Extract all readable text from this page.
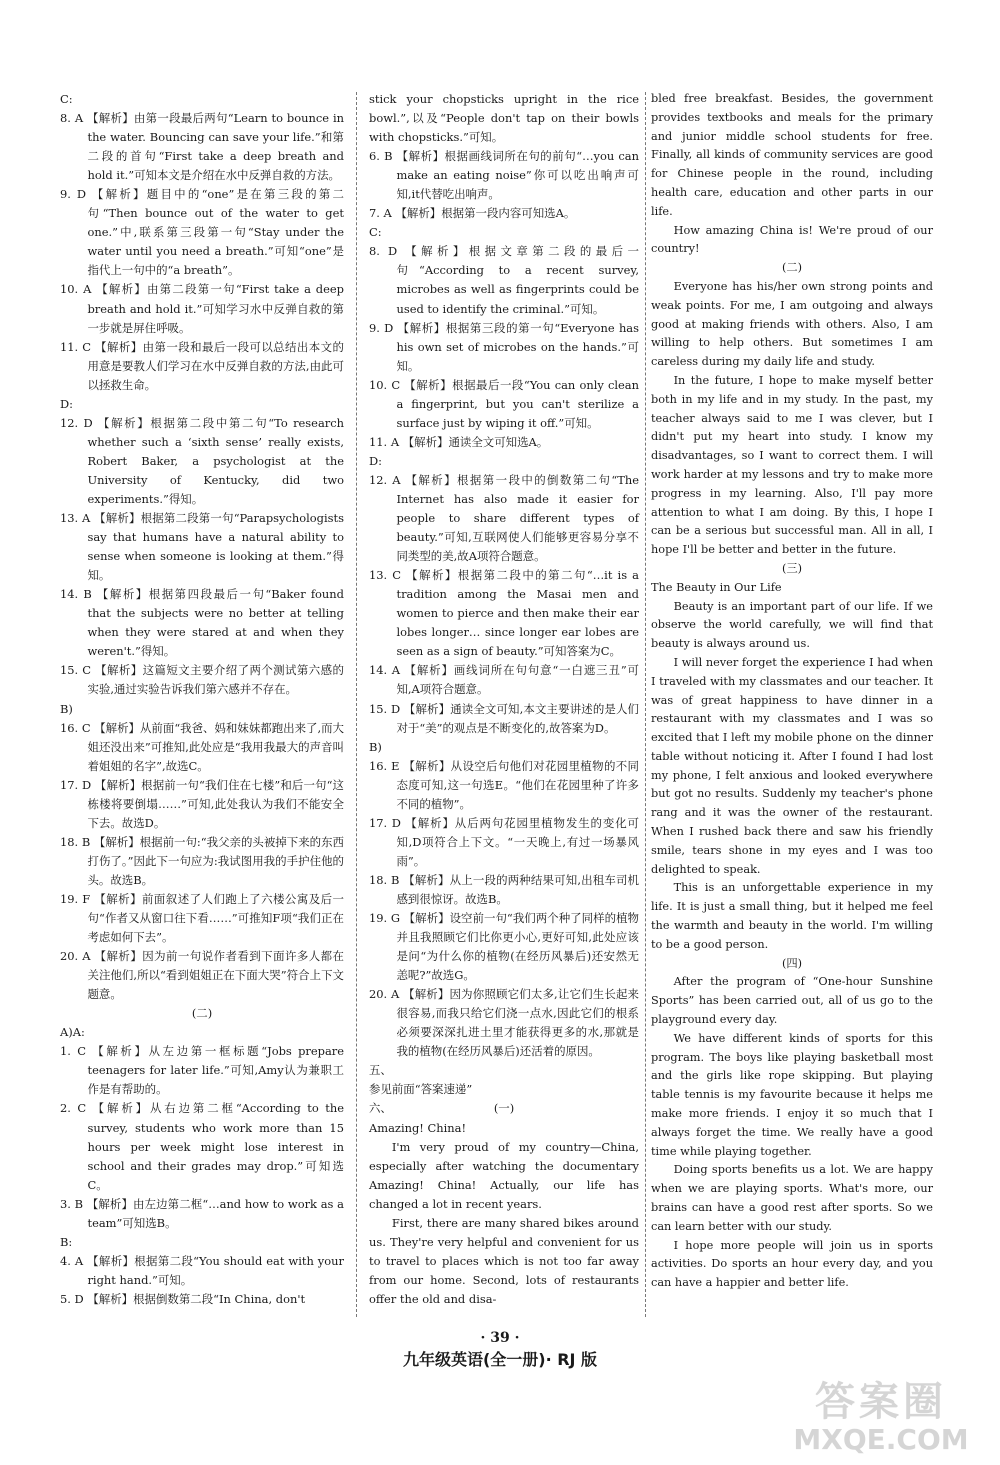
C:
8. A 【解析】由第一段最后两句“Learn to bounce in the water. Bouncing can save your life.”和第二段的首句“First take a deep breath and hold it.”可知本文是介绍在水中反弹自救的方法。
9. D 【解析】题目中的“one”是在第三段的第二句“Then bounce out of the water to get one.”中,联系第三段第一句“Stay under the water until you need a breath.”可知“one”是指代上一句中的“a breath”。
10. A 【解析】由第二段第一句“First take a deep breath and hold it.”可知学习水中反弹自救的第一步就是屏住呼吸。
11. C 【解析】由第一段和最后一段可以总结出本文的用意是要教人们学习在水中反弹自救的方法,由此可以拯救生命。
D:
12. D 【解析】根据第二段中第二句“To research whether such a ‘sixth sense’ really exists, Robert Baker, a psychologist at the University of Kentucky, did two experiments.”得知。
13. A 【解析】根据第二段第一句“Parapsychologists say that humans have a natural ability to sense when someone is looking at them.”得知。
14. B 【解析】根据第四段最后一句“Baker found that the subjects were no better at telling when they were stared at and when they weren't.”得知。
15. C 【解析】这篇短文主要介绍了两个测试第六感的实验,通过实验告诉我们第六感并不存在。
B)
16. C 【解析】从前面“我爸、妈和妹妹都跑出来了,而大姐还没出来”可推知,此处应是“我用我最大的声音叫着姐姐的名字”,故选C。
17. D 【解析】根据前一句“我们住在七楼”和后一句“这栋楼将要倒塌……”可知,此处我认为我们不能安全下去。故选D。
18. B 【解析】根据前一句:“我父亲的头被掉下来的东西打伤了。”因此下一句应为:我试图用我的手护住他的头。故选B。
19. F 【解析】前面叙述了人们跑上了六楼公寓及后一句“作者又从窗口往下看……”可推知F项“我们正在考虑如何下去”。
20. A 【解析】因为前一句说作者看到下面许多人都在关注他们,所以“看到姐姐正在下面大哭”符合上下文题意。
(二)
A)A:
1. C 【解析】从左边第一框标题“Jobs prepare teenagers for later life.”可知,Amy认为兼职工作是有帮助的。
2. C 【解析】从右边第二框“According to the survey, students who work more than 15 hours per week might lose interest in school and their grades may drop.”可知选C。
3. B 【解析】由左边第二框“…and how to work as a team”可知选B。
B:
4. A 【解析】根据第二段“You should eat with your right hand.”可知。
5. D 【解析】根据倒数第二段“In China, don't
stick your chopsticks upright in the rice bowl.”,以及“People don't tap on their bowls with chopsticks.”可知。
6. B 【解析】根据画线词所在句的前句“…you can make an eating noise”你可以吃出响声可知,it代替吃出响声。
7. A 【解析】根据第一段内容可知选A。
C:
8. D 【解析】根据文章第二段的最后一句“According to a recent survey, microbes as well as fingerprints could be used to identify the criminal.”可知。
9. D 【解析】根据第三段的第一句“Everyone has his own set of microbes on the hands.”可知。
10. C 【解析】根据最后一段“You can only clean a fingerprint, but you can't sterilize a surface just by wiping it off.”可知。
11. A 【解析】通读全文可知选A。
D:
12. A 【解析】根据第一段中的倒数第二句“The Internet has also made it easier for people to share different types of beauty.”可知,互联网使人们能够更容易分享不同类型的美,故A项符合题意。
13. C 【解析】根据第二段中的第二句“…it is a tradition among the Masai men and women to pierce and then make their ear lobes longer… since longer ear lobes are seen as a sign of beauty.”可知答案为C。
14. A 【解析】画线词所在句句意“一白遮三丑”可知,A项符合题意。
15. D 【解析】通读全文可知,本文主要讲述的是人们对于“美”的观点是不断变化的,故答案为D。
B)
16. E 【解析】从设空后句他们对花园里植物的不同态度可知,这一句选E。“他们在花园里种了许多不同的植物”。
17. D 【解析】从后两句花园里植物发生的变化可知,D项符合上下文。“一天晚上,有过一场暴风雨”。
18. B 【解析】从上一段的两种结果可知,出租车司机感到很惊讶。故选B。
19. G 【解析】设空前一句“我们两个种了同样的植物并且我照顾它们比你更小心,更好可知,此处应该是问“为什么你的植物(在经历风暴后)还安然无恙呢?”故选G。
20. A 【解析】因为你照顾它们太多,让它们生长起来很容易,而我只给它们浇一点水,因此它们的根系必须要深深扎进土里才能获得更多的水,那就是我的植物(在经历风暴后)还活着的原因。
五、
参见前面“答案速递”
六、	(一)
Amazing! China!
I'm very proud of my country—China, especially after watching the documentary Amazing! China! Actually, our life has changed a lot in recent years.
First, there are many shared bikes around us. They're very helpful and convenient for us to travel to places which is not too far away from our home. Second, lots of restaurants offer the old and disa-
bled free breakfast. Besides, the government provides textbooks and meals for the primary and junior middle school students for free. Finally, all kinds of community services are good for Chinese people in the round, including health care, education and other parts in our life.
How amazing China is! We're proud of our country!
(二)
Everyone has his/her own strong points and weak points. For me, I am outgoing and always good at making friends with others. Also, I am willing to help others. But sometimes I am careless during my daily life and study.
In the future, I hope to make myself better both in my life and in my study. In the past, my teacher always said to me I was clever, but I didn't put my heart into study. I know my disadvantages, so I want to correct them. I will work harder at my lessons and try to make more progress in my learning. Also, I'll pay more attention to what I am doing. By this, I hope I can be a serious but successful man. All in all, I hope I'll be better and better in the future.
(三)
The Beauty in Our Life
Beauty is an important part of our life. If we observe the world carefully, we will find that beauty is always around us.
I will never forget the experience I had when I traveled with my classmates and our teacher. It was of great happiness to have dinner in a restaurant with my classmates and I was so excited that I left my mobile phone on the dinner table without noticing it. After I found I had lost my phone, I felt anxious and looked everywhere but got no results. Suddenly my teacher's phone rang and it was the owner of the restaurant. When I rushed back there and saw his friendly smile, tears shone in my eyes and I was too delighted to speak.
This is an unforgettable experience in my life. It is just a small thing, but it helped me feel the warmth and beauty in the world. I'm willing to be a good person.
(四)
After the program of “One-hour Sunshine Sports” has been carried out, all of us go to the playground every day.
We have different kinds of sports for this program. The boys like playing basketball most and the girls like rope skipping. But playing table tennis is my favourite because it helps me make more friends. I enjoy it so much that I always forget the time. We really have a good time while playing together.
Doing sports benefits us a lot. We are happy when we are playing sports. What's more, our brains can have a good rest after sports. So we can learn better with our study.
I hope more people will join us in sports activities. Do sports an hour every day, and you can have a happier and better life.
· 39 ·
九年级英语(全一册)· RJ 版
答案圈
MXQE.COM
